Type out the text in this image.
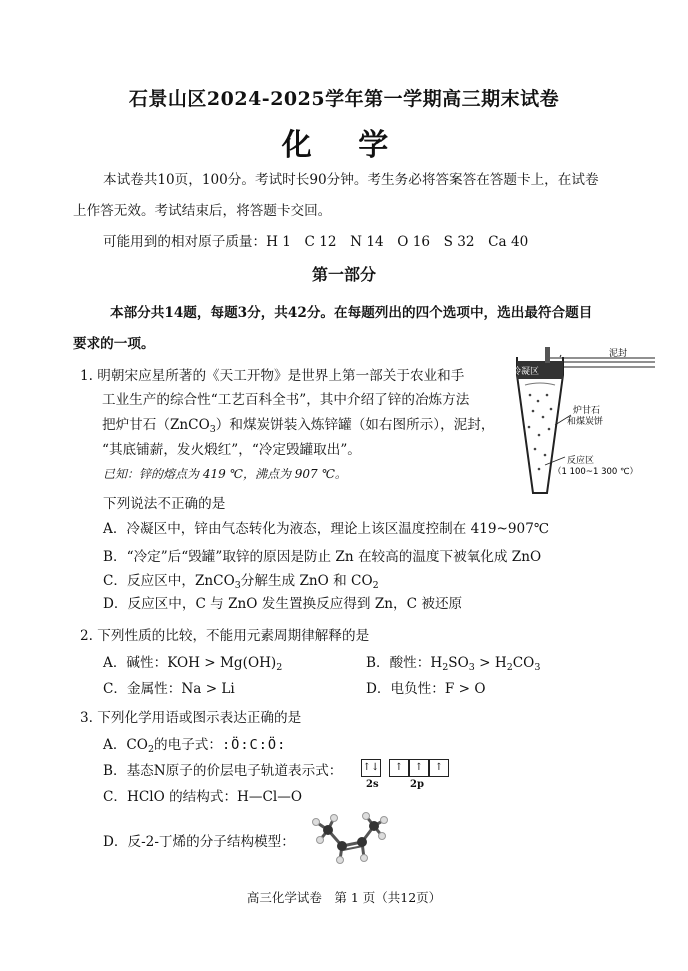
石景山区2024-2025学年第一学期高三期末试卷
化 学
本试卷共10页，100分。考试时长90分钟。考生务必将答案答在答题卡上，在试卷
上作答无效。考试结束后，将答题卡交回。
可能用到的相对原子质量：H 1　C 12　N 14　O 16　S 32　Ca 40
第一部分
本部分共14题，每题3分，共42分。在每题列出的四个选项中，选出最符合题目
要求的一项。
1. 明朝宋应星所著的《天工开物》是世界上第一部关于农业和手
工业生产的综合性“工艺百科全书”，其中介绍了锌的冶炼方法
把炉甘石（ZnCO$_3$）和煤炭饼装入炼锌罐（如右图所示），泥封，
“其底铺薪，发火煅红”，“冷定毁罐取出”。
已知：锌的熔点为 419 ℃，沸点为 907 ℃。
下列说法不正确的是
A．冷凝区中，锌由气态转化为液态，理论上该区温度控制在 419~907℃
B．“冷定”后“毁罐”取锌的原因是防止 Zn 在较高的温度下被氧化成 ZnO
C．反应区中，ZnCO$_3$分解生成 ZnO 和 $CO_2$
D．反应区中，C 与 ZnO 发生置换反应得到 Zn，C 被还原
冷凝区
泥封
炉甘石
和煤炭饼
反应区
（1 100~1 300 ℃）
2. 下列性质的比较，不能用元素周期律解释的是
A．碱性：KOH > $Mg(OH)_2$	B．酸性：$H_2SO_3 > H_2CO_3$
C．金属性：Na > Li	D．电负性：F > O
3. 下列化学用语或图示表达正确的是
A．$CO_2$的电子式：:Ö:C:Ö:
B．基态N原子的价层电子轨道表示式： ↑↓ ↑ ↑ ↑
2s	2p
C．HClO 的结构式：H—Cl—O
D．反-2-丁烯的分子结构模型：
高三化学试卷　第 1 页（共12页）
